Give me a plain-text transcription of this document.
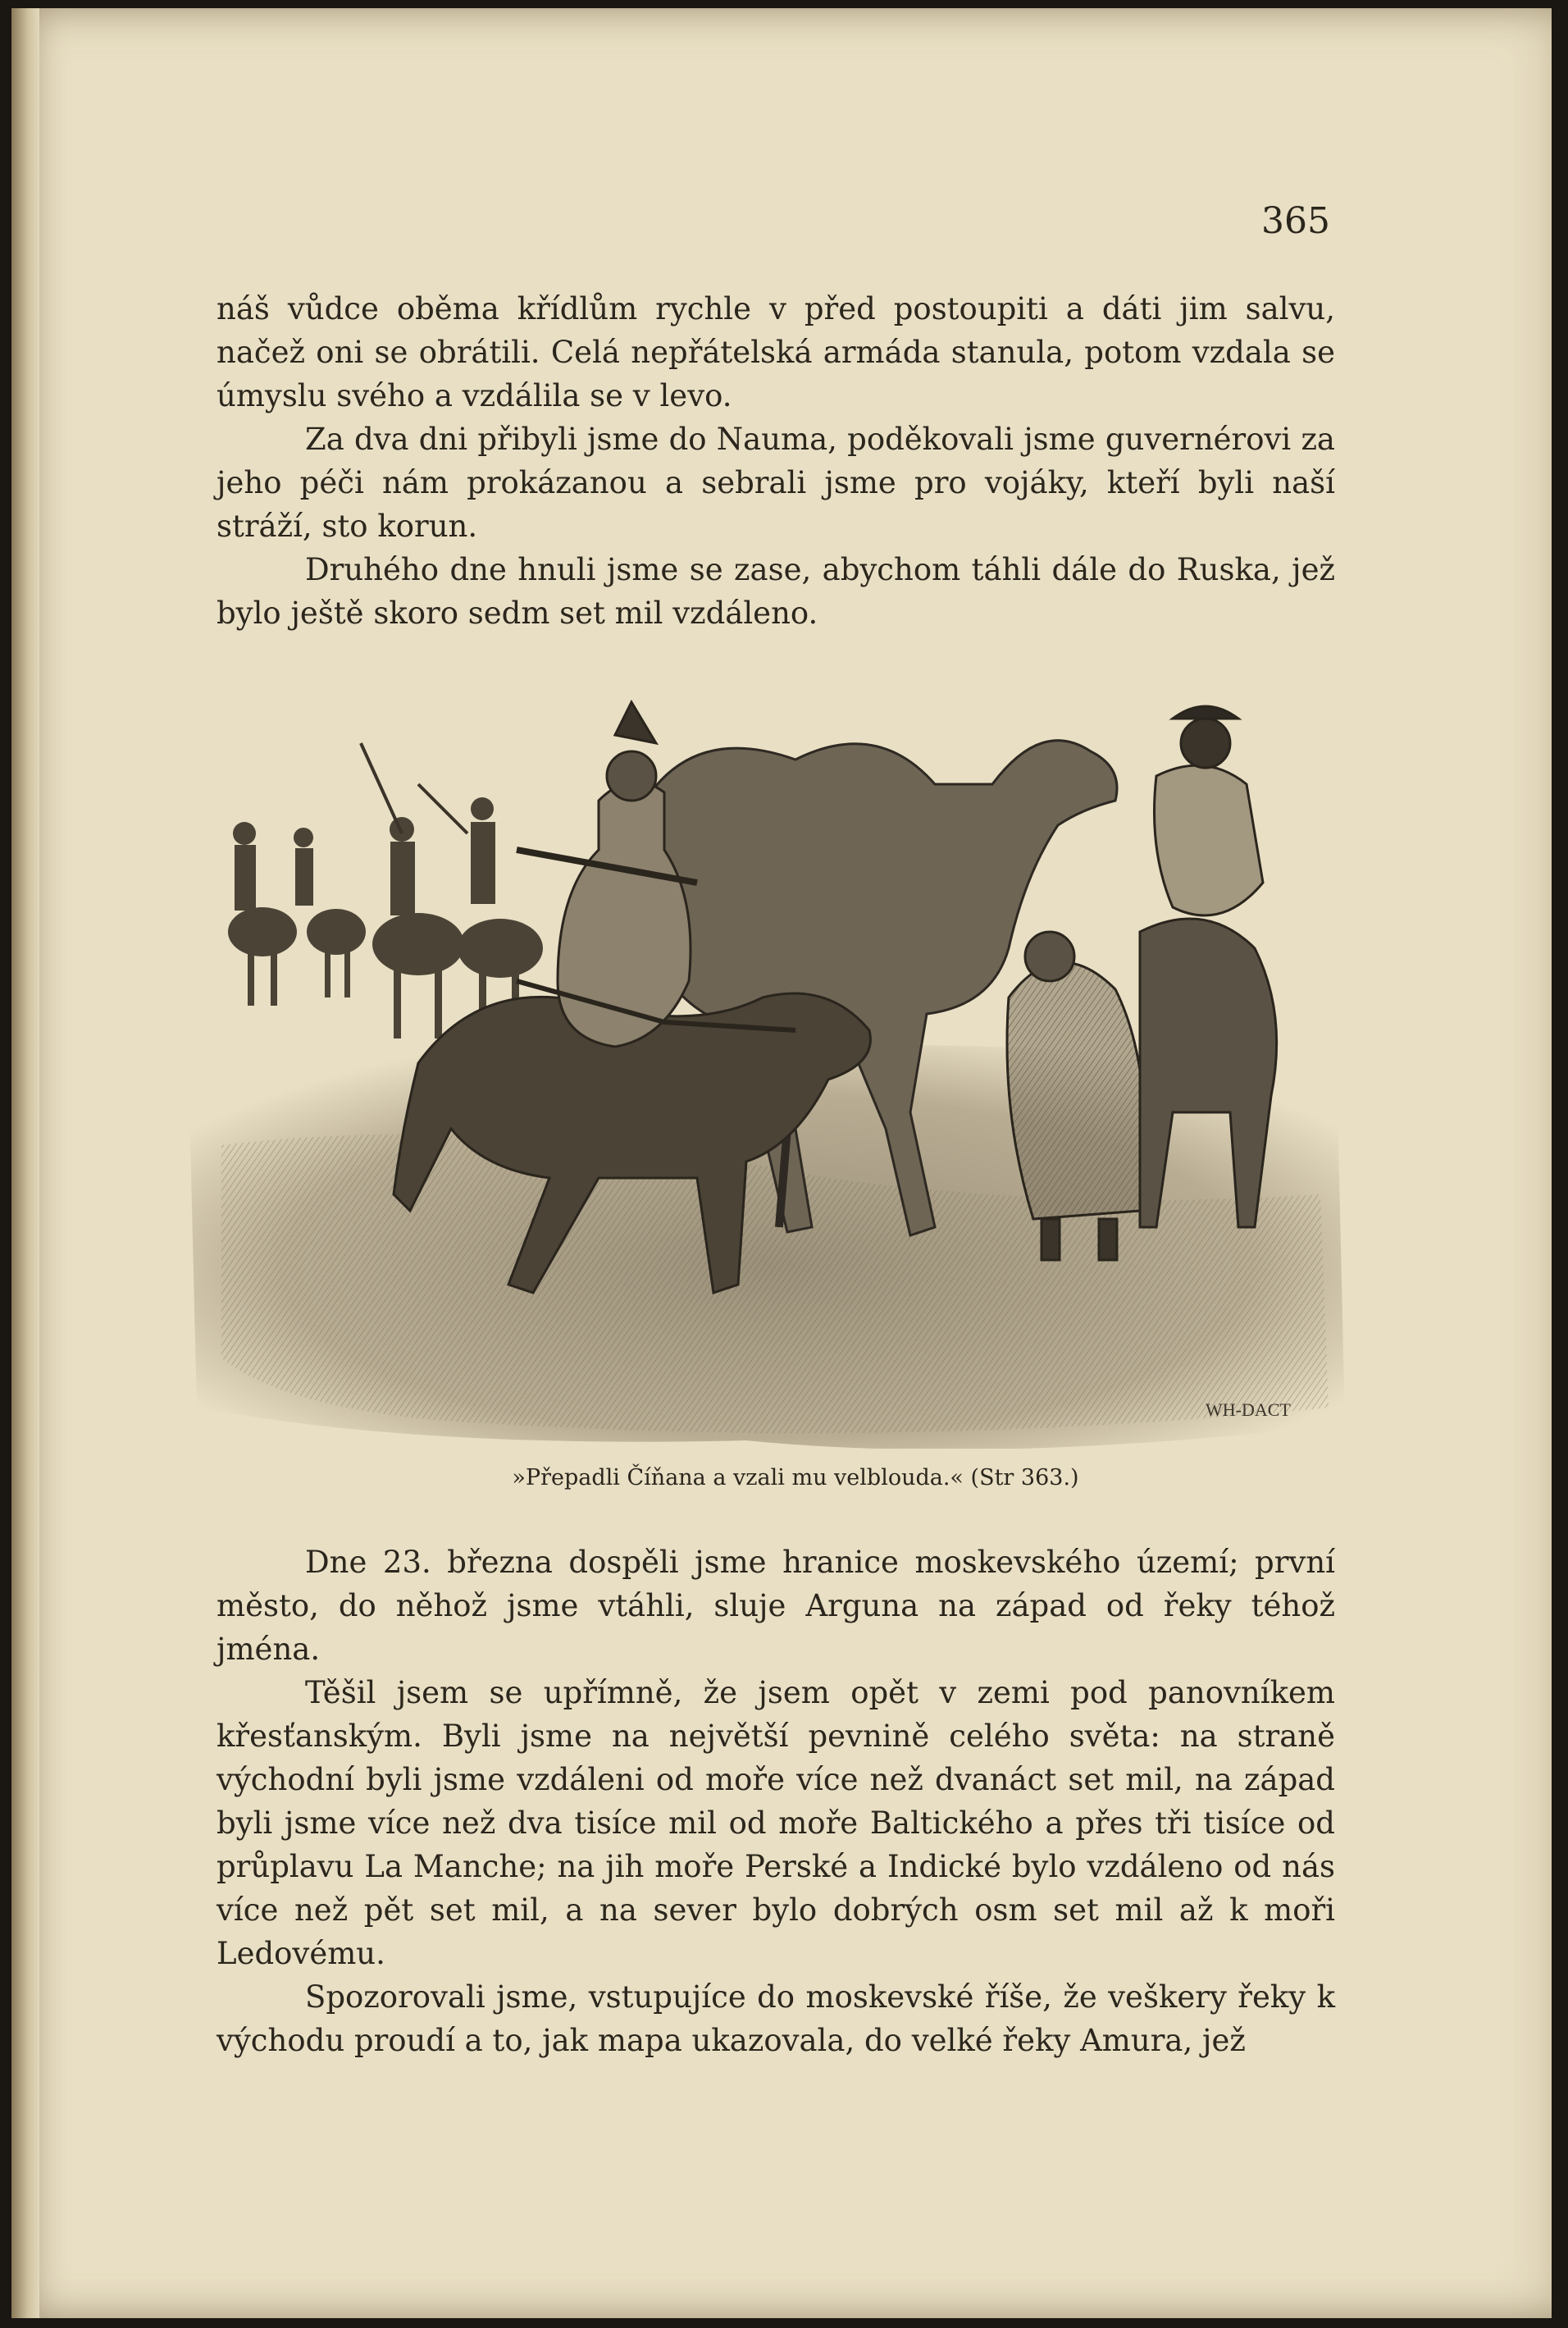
365

náš vůdce oběma křídlům rychle v před postoupiti a dáti jim salvu, načež oni se obrátili. Celá nepřátelská armáda stanula, potom vzdala se úmyslu svého a vzdálila se v levo.

Za dva dni přibyli jsme do Nauma, poděkovali jsme guvernérovi za jeho péči nám prokázanou a sebrali jsme pro vojáky, kteří byli naší stráží, sto korun.

Druhého dne hnuli jsme se zase, abychom táhli dále do Ruska, jež bylo ještě skoro sedm set mil vzdáleno.

WH-DACT
»Přepadli Číňana a vzali mu velblouda.« (Str 363.)

Dne 23. března dospěli jsme hranice moskevského území; první město, do něhož jsme vtáhli, sluje Arguna na západ od řeky téhož jména.

Těšil jsem se upřímně, že jsem opět v zemi pod panovníkem křesťanským. Byli jsme na největší pevnině celého světa: na straně východní byli jsme vzdáleni od moře více než dvanáct set mil, na západ byli jsme více než dva tisíce mil od moře Baltického a přes tři tisíce od průplavu La Manche; na jih moře Perské a Indické bylo vzdáleno od nás více než pět set mil, a na sever bylo dobrých osm set mil až k moři Ledovému.

Spozorovali jsme, vstupujíce do moskevské říše, že veškery řeky k východu proudí a to, jak mapa ukazovala, do velké řeky Amura, jež
